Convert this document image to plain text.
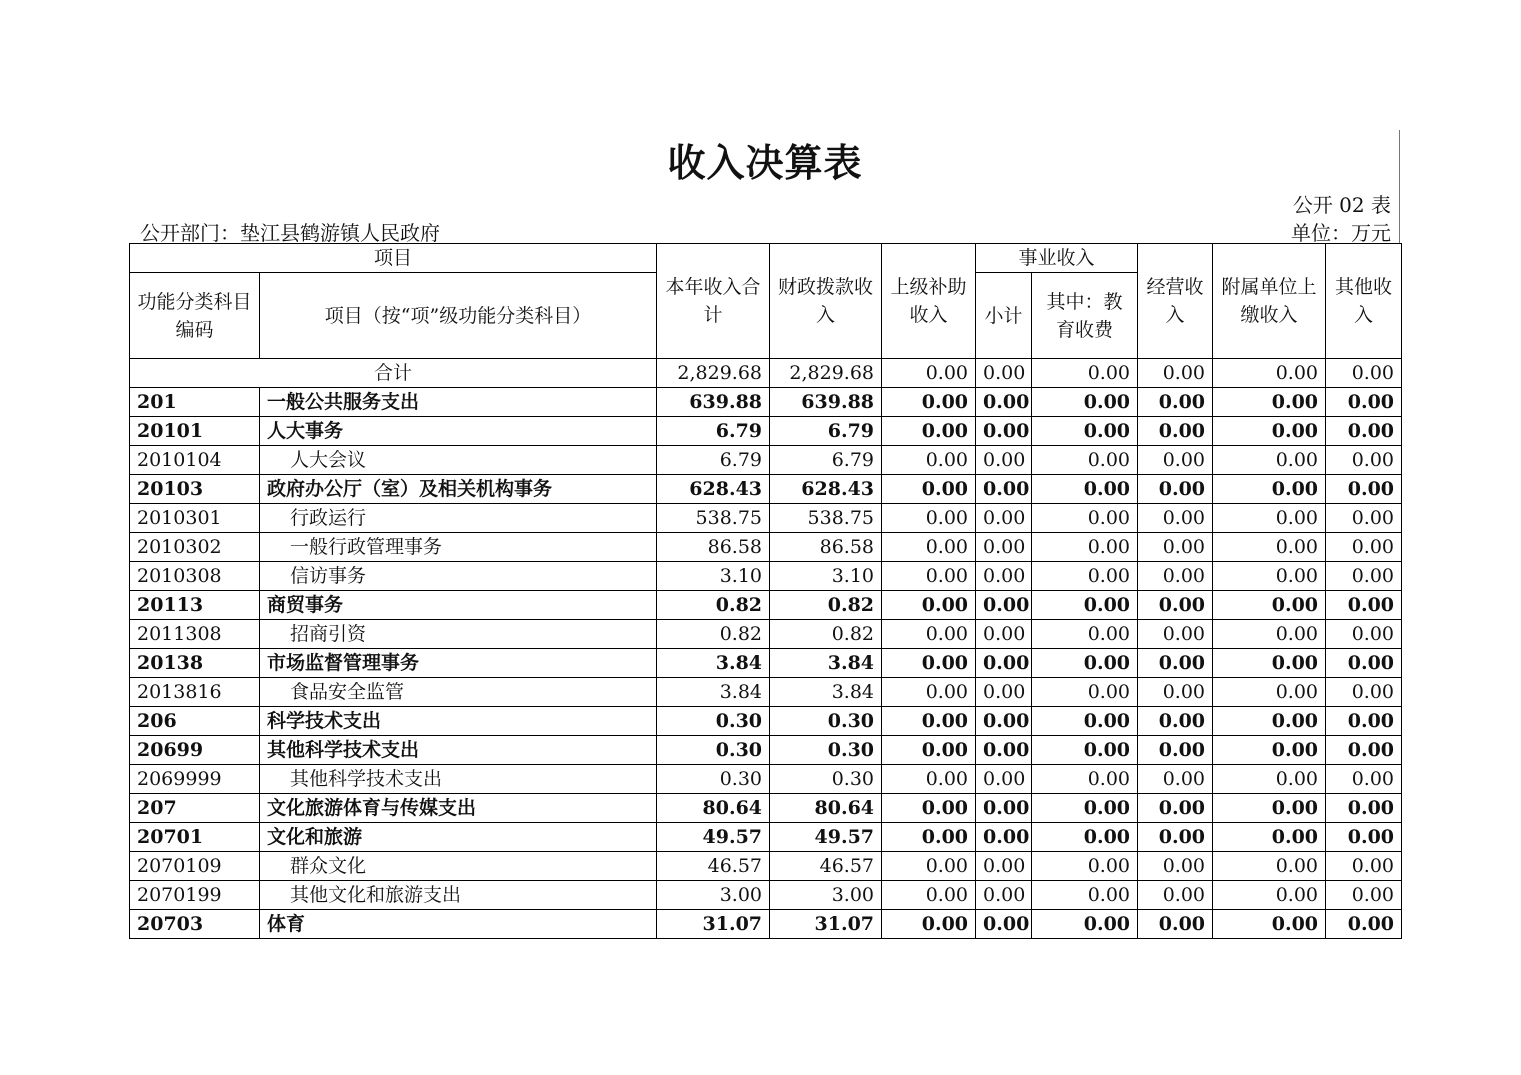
收入决算表
公开 02 表
公开部门：垫江县鹤游镇人民政府	单位：万元
项目		本年收入合计	财政拨款收入	上级补助收入	事业收入		经营收入	附属单位上缴收入	其他收入
功能分类科目编码	项目（按“项”级功能分类科目）				小计	其中：教育收费			
合计		2,829.68	2,829.68	0.00	0.00	0.00	0.00	0.00	0.00
201	一般公共服务支出	639.88	639.88	0.00	0.00	0.00	0.00	0.00	0.00
20101	人大事务	6.79	6.79	0.00	0.00	0.00	0.00	0.00	0.00
2010104	人大会议	6.79	6.79	0.00	0.00	0.00	0.00	0.00	0.00
20103	政府办公厅（室）及相关机构事务	628.43	628.43	0.00	0.00	0.00	0.00	0.00	0.00
2010301	行政运行	538.75	538.75	0.00	0.00	0.00	0.00	0.00	0.00
2010302	一般行政管理事务	86.58	86.58	0.00	0.00	0.00	0.00	0.00	0.00
2010308	信访事务	3.10	3.10	0.00	0.00	0.00	0.00	0.00	0.00
20113	商贸事务	0.82	0.82	0.00	0.00	0.00	0.00	0.00	0.00
2011308	招商引资	0.82	0.82	0.00	0.00	0.00	0.00	0.00	0.00
20138	市场监督管理事务	3.84	3.84	0.00	0.00	0.00	0.00	0.00	0.00
2013816	食品安全监管	3.84	3.84	0.00	0.00	0.00	0.00	0.00	0.00
206	科学技术支出	0.30	0.30	0.00	0.00	0.00	0.00	0.00	0.00
20699	其他科学技术支出	0.30	0.30	0.00	0.00	0.00	0.00	0.00	0.00
2069999	其他科学技术支出	0.30	0.30	0.00	0.00	0.00	0.00	0.00	0.00
207	文化旅游体育与传媒支出	80.64	80.64	0.00	0.00	0.00	0.00	0.00	0.00
20701	文化和旅游	49.57	49.57	0.00	0.00	0.00	0.00	0.00	0.00
2070109	群众文化	46.57	46.57	0.00	0.00	0.00	0.00	0.00	0.00
2070199	其他文化和旅游支出	3.00	3.00	0.00	0.00	0.00	0.00	0.00	0.00
20703	体育	31.07	31.07	0.00	0.00	0.00	0.00	0.00	0.00
